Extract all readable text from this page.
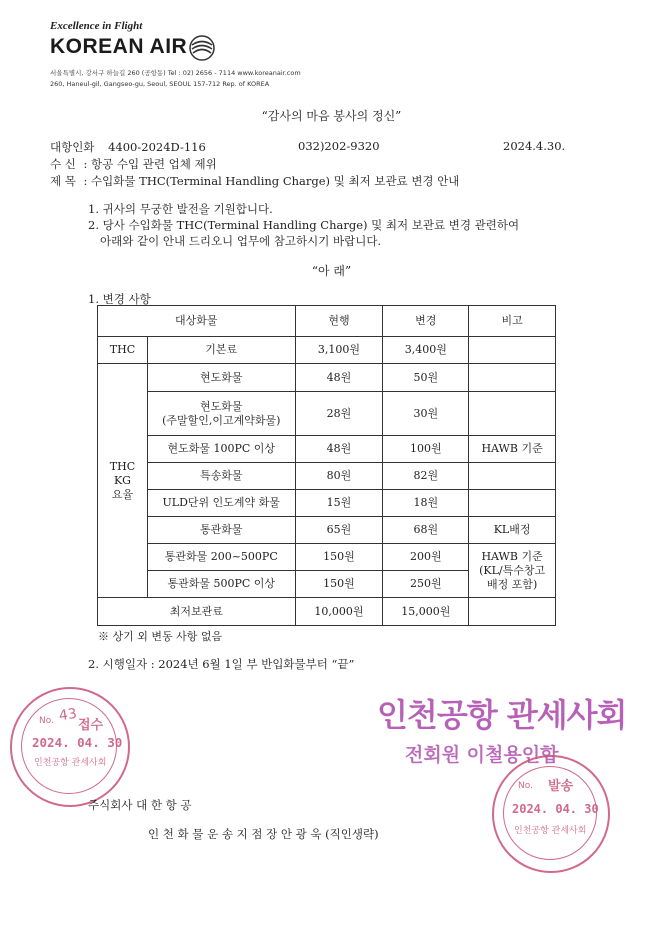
Excellence in Flight
KOREAN AIR
서울특별시, 강서구 하늘길 260 (공항동) Tel : 02) 2656 - 7114 www.koreanair.com
260, Haneul-gil, Gangseo-gu, Seoul, SEOUL 157-712 Rep. of KOREA
“감사의 마음 봉사의 정신”
대항인화 4400-2024D-116	032)202-9320	2024.4.30.
수 신 : 항공 수입 관련 업체 제위
제 목 : 수입화물 THC(Terminal Handling Charge) 및 최저 보관료 변경 안내
1. 귀사의 무궁한 발전을 기원합니다.
2. 당사 수입화물 THC(Terminal Handling Charge) 및 최저 보관료 변경 관련하여
아래와 같이 안내 드리오니 업무에 참고하시기 바랍니다.
“아 래”
1. 변경 사항
대상화물		현행	변경	비고
THC	기본료	3,100원	3,400원	

THC
KG
요율	현도화물	48원	50원	

	현도화물
(주말할인,이고계약화물)	28원	30원	
	현도화물 100PC 이상	48원	100원	HAWB 기준
	특송화물	80원	82원	
	ULD단위 인도계약 화물	15원	18원	
	통관화물	65원	68원	KL배정
	통관화물 200~500PC	150원	200원	HAWB 기준
(KL/특수창고
배정 포함)

	통관화물 500PC 이상	150원	250원	
최저보관료		10,000원	15,000원	
※ 상기 외 변동 사항 없음
2. 시행일자 : 2024년 6월 1일 부 반입화물부터 “끝”
No. 43
접수
2024. 04. 30
인천공항 관세사회
인천공항 관세사회
전회원 이철용인합
No. 발송
2024. 04. 30
인천공항 관세사회
주식회사 대 한 항 공
인 천 화 물 운 송 지 점 장 안 광 욱 (직인생략)
